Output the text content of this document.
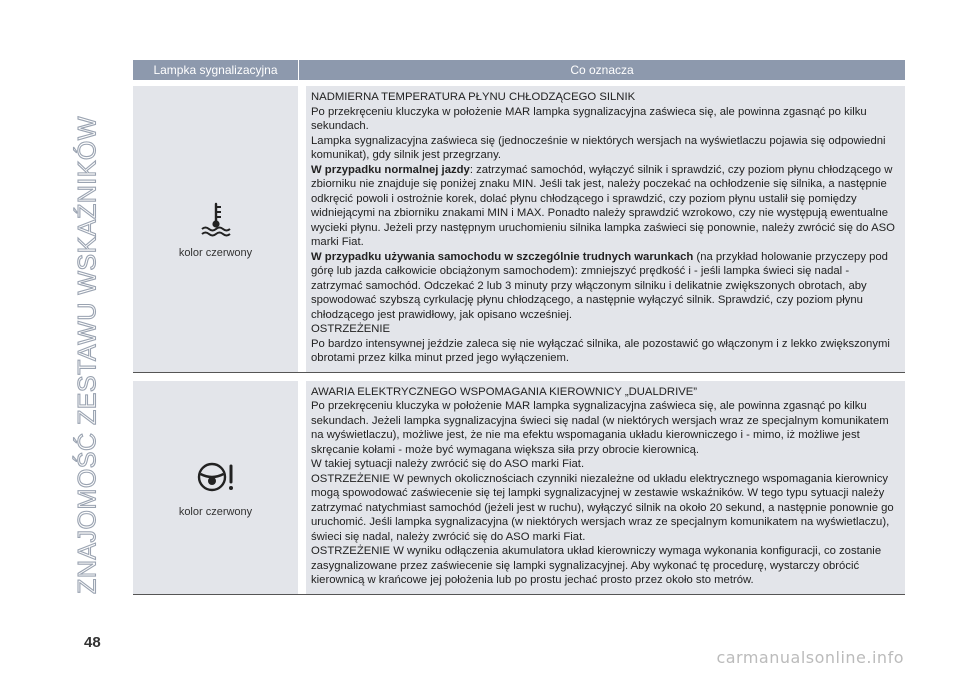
ZNAJOMOŚĆ ZESTAWU WSKAŹNIKÓW
Lampka sygnalizacyjna	Co oznacza
kolor czerwony

NADMIERNA TEMPERATURA PŁYNU CHŁODZĄCEGO SILNIK

Po przekręceniu kluczyka w położenie MAR lampka sygnalizacyjna zaświeca się, ale powinna zgasnąć po kilku sekundach.

Lampka sygnalizacyjna zaświeca się (jednocześnie w niektórych wersjach na wyświetlaczu pojawia się odpowiedni komunikat), gdy silnik jest przegrzany.

W przypadku normalnej jazdy: zatrzymać samochód, wyłączyć silnik i sprawdzić, czy poziom płynu chłodzącego w zbiorniku nie znajduje się poniżej znaku MIN. Jeśli tak jest, należy poczekać na ochłodzenie się silnika, a następnie odkręcić powoli i ostrożnie korek, dolać płynu chłodzącego i sprawdzić, czy poziom płynu ustalił się pomiędzy widniejącymi na zbiorniku znakami MIN i MAX. Ponadto należy sprawdzić wzrokowo, czy nie występują ewentualne wycieki płynu. Jeżeli przy następnym uruchomieniu silnika lampka zaświeci się ponownie, należy zwrócić się do ASO marki Fiat.

W przypadku używania samochodu w szczególnie trudnych warunkach (na przykład holowanie przyczepy pod górę lub jazda całkowicie obciążonym samochodem): zmniejszyć prędkość i - jeśli lampka świeci się nadal - zatrzymać samochód. Odczekać 2 lub 3 minuty przy włączonym silniku i delikatnie zwiększonych obrotach, aby spowodować szybszą cyrkulację płynu chłodzącego, a następnie wyłączyć silnik. Sprawdzić, czy poziom płynu chłodzącego jest prawidłowy, jak opisano wcześniej.

OSTRZEŻENIE

Po bardzo intensywnej jeździe zaleca się nie wyłączać silnika, ale pozostawić go włączonym i z lekko zwiększonymi obrotami przez kilka minut przed jego wyłączeniem.

kolor czerwony

AWARIA ELEKTRYCZNEGO WSPOMAGANIA KIEROWNICY „DUALDRIVE”

Po przekręceniu kluczyka w położenie MAR lampka sygnalizacyjna zaświeca się, ale powinna zgasnąć po kilku sekundach. Jeżeli lampka sygnalizacyjna świeci się nadal (w niektórych wersjach wraz ze specjalnym komunikatem na wyświetlaczu), możliwe jest, że nie ma efektu wspomagania układu kierowniczego i - mimo, iż możliwe jest skręcanie kołami - może być wymagana większa siła przy obrocie kierownicą.

W takiej sytuacji należy zwrócić się do ASO marki Fiat.

OSTRZEŻENIE W pewnych okolicznościach czynniki niezależne od układu elektrycznego wspomagania kierownicy mogą spowodować zaświecenie się tej lampki sygnalizacyjnej w zestawie wskaźników. W tego typu sytuacji należy zatrzymać natychmiast samochód (jeżeli jest w ruchu), wyłączyć silnik na około 20 sekund, a następnie ponownie go uruchomić. Jeśli lampka sygnalizacyjna (w niektórych wersjach wraz ze specjalnym komunikatem na wyświetlaczu), świeci się nadal, należy zwrócić się do ASO marki Fiat.

OSTRZEŻENIE W wyniku odłączenia akumulatora układ kierowniczy wymaga wykonania konfiguracji, co zostanie zasygnalizowane przez zaświecenie się lampki sygnalizacyjnej. Aby wykonać tę procedurę, wystarczy obrócić kierownicą w krańcowe jej położenia lub po prostu jechać prosto przez około sto metrów.

48
carmanualsonline.info
